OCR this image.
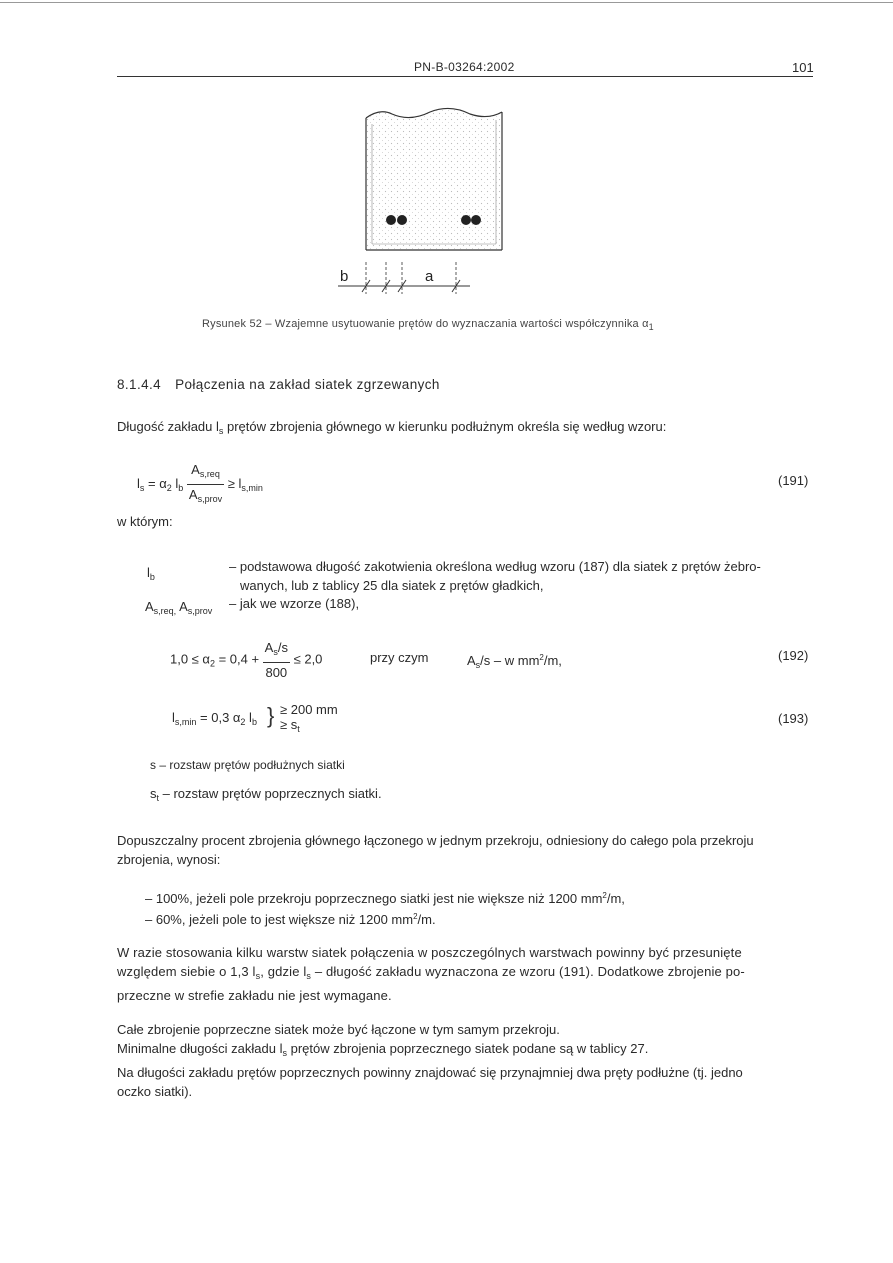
PN-B-03264:2002	101
b	a
Rysunek 52 – Wzajemne usytuowanie prętów do wyznaczania wartości współczynnika $\alpha_1$
8.1.4.4 Połączenia na zakład siatek zgrzewanych
Długość zakładu $l_s$ prętów zbrojenia głównego w kierunku podłużnym określa się według wzoru:
$l_s = \alpha_2$ $l_b \frac{A_{s,req}}{A_{s,prov}} \ge l_{s,min}$	(191)
w którym:
$l_b$
– podstawowa długość zakotwienia określona według wzoru (187) dla siatek z prętów żebro-
wanych, lub z tablicy 25 dla siatek z prętów gładkich,
$A_{s,req,}$ $A_{s,prov}$ – jak we wzorze (188),
$1,0 \le \alpha_2 = 0,4 + \frac{A_s/s}{800} \le 2,0$	przy czym	$A_s/s$ – w $mm^2/m$,	(192)
$l_{s,min} = 0,3$ $\alpha_2$ $l_b$ } ≥ 200 mm
≥ $s_t$
(193)
s – rozstaw prętów podłużnych siatki
$s_t$ – rozstaw prętów poprzecznych siatki.
Dopuszczalny procent zbrojenia głównego łączonego w jednym przekroju, odniesiony do całego pola przekroju
zbrojenia, wynosi:
– 100%, jeżeli pole przekroju poprzecznego siatki jest nie większe niż 1200 $mm^2/m$,
– 60%, jeżeli pole to jest większe niż 1200 $mm^2/m$.
W razie stosowania kilku warstw siatek połączenia w poszczególnych warstwach powinny być przesunięte
względem siebie o 1,3 $l_s$, gdzie $l_s$ – długość zakładu wyznaczona ze wzoru (191). Dodatkowe zbrojenie po-
przeczne w strefie zakładu nie jest wymagane.
Całe zbrojenie poprzeczne siatek może być łączone w tym samym przekroju.
Minimalne długości zakładu $l_s$ prętów zbrojenia poprzecznego siatek podane są w tablicy 27.
Na długości zakładu prętów poprzecznych powinny znajdować się przynajmniej dwa pręty podłużne (tj. jedno
oczko siatki).
